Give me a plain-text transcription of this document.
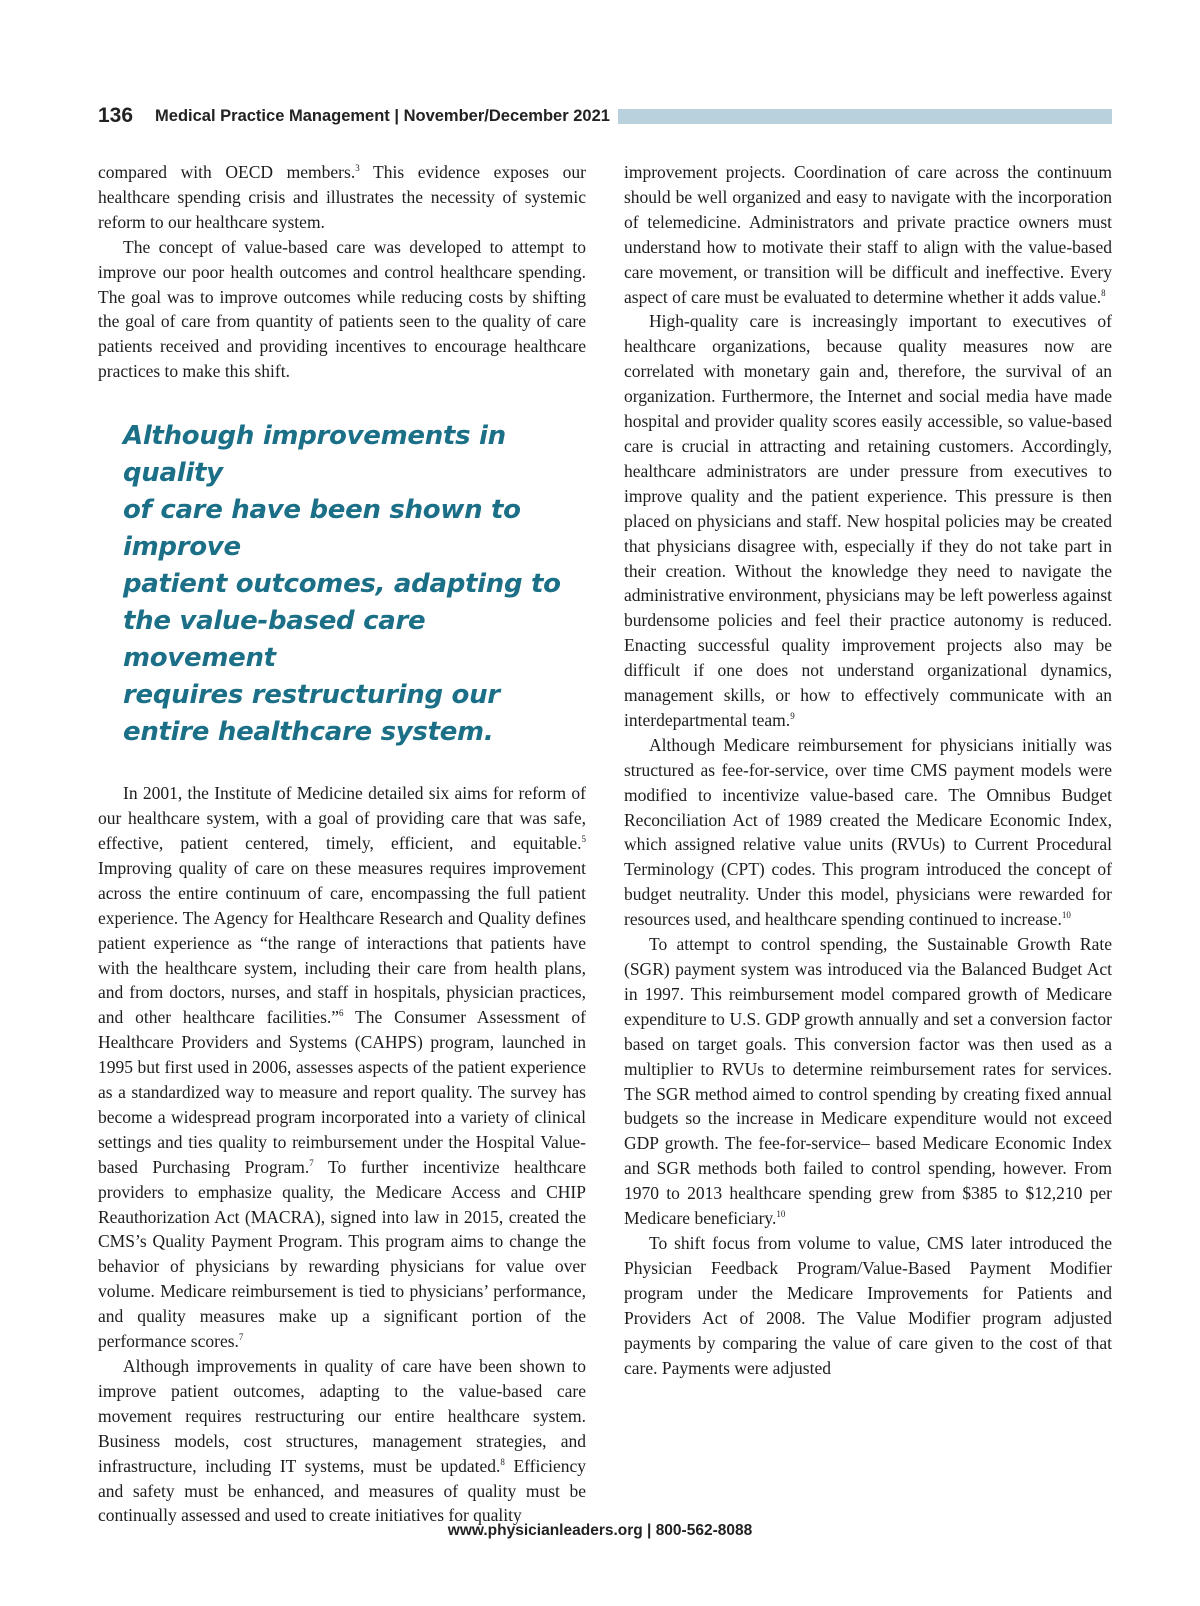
136 Medical Practice Management | November/December 2021

compared with OECD members.$^3$ This evidence exposes our healthcare spending crisis and illustrates the necessity of systemic reform to our healthcare system.

The concept of value-based care was developed to attempt to improve our poor health outcomes and control healthcare spending. The goal was to improve outcomes while reducing costs by shifting the goal of care from quantity of patients seen to the quality of care patients received and providing incentives to encourage healthcare practices to make this shift.

Although improvements in quality
of care have been shown to improve
patient outcomes, adapting to
the value-based care movement
requires restructuring our
entire healthcare system.

In 2001, the Institute of Medicine detailed six aims for reform of our healthcare system, with a goal of providing care that was safe, effective, patient centered, timely, efficient, and equitable.$^5$ Improving quality of care on these measures requires improvement across the entire continuum of care, encompassing the full patient experience. The Agency for Healthcare Research and Quality defines patient experience as “the range of interactions that patients have with the healthcare system, including their care from health plans, and from doctors, nurses, and staff in hospitals, physician practices, and other healthcare facilities.”$^6$ The Consumer Assessment of Healthcare Providers and Systems (CAHPS) program, launched in 1995 but first used in 2006, assesses aspects of the patient experience as a standardized way to measure and report quality. The survey has become a widespread program incorporated into a variety of clinical settings and ties quality to reimbursement under the Hospital Value-based Purchasing Program.$^7$ To further incentivize healthcare providers to emphasize quality, the Medicare Access and CHIP Reauthorization Act (MACRA), signed into law in 2015, created the CMS’s Quality Payment Program. This program aims to change the behavior of physicians by rewarding physicians for value over volume. Medicare reimbursement is tied to physicians’ performance, and quality measures make up a significant portion of the performance scores.$^7$

Although improvements in quality of care have been shown to improve patient outcomes, adapting to the value-based care movement requires restructuring our entire healthcare system. Business models, cost structures, management strategies, and infrastructure, including IT systems, must be updated.$^8$ Efficiency and safety must be enhanced, and measures of quality must be continually assessed and used to create initiatives for quality

improvement projects. Coordination of care across the continuum should be well organized and easy to navigate with the incorporation of telemedicine. Administrators and private practice owners must understand how to motivate their staff to align with the value-based care movement, or transition will be difficult and ineffective. Every aspect of care must be evaluated to determine whether it adds value.$^8$

High-quality care is increasingly important to executives of healthcare organizations, because quality measures now are correlated with monetary gain and, therefore, the survival of an organization. Furthermore, the Internet and social media have made hospital and provider quality scores easily accessible, so value-based care is crucial in attracting and retaining customers. Accordingly, healthcare administrators are under pressure from executives to improve quality and the patient experience. This pressure is then placed on physicians and staff. New hospital policies may be created that physicians disagree with, especially if they do not take part in their creation. Without the knowledge they need to navigate the administrative environment, physicians may be left powerless against burdensome policies and feel their practice autonomy is reduced. Enacting successful quality improvement projects also may be difficult if one does not understand organizational dynamics, management skills, or how to effectively communicate with an interdepartmental team.$^9$

Although Medicare reimbursement for physicians initially was structured as fee-for-service, over time CMS payment models were modified to incentivize value-based care. The Omnibus Budget Reconciliation Act of 1989 created the Medicare Economic Index, which assigned relative value units (RVUs) to Current Procedural Terminology (CPT) codes. This program introduced the concept of budget neutrality. Under this model, physicians were rewarded for resources used, and healthcare spending continued to increase.$^{10}$

To attempt to control spending, the Sustainable Growth Rate (SGR) payment system was introduced via the Balanced Budget Act in 1997. This reimbursement model compared growth of Medicare expenditure to U.S. GDP growth annually and set a conversion factor based on target goals. This conversion factor was then used as a multiplier to RVUs to determine reimbursement rates for services. The SGR method aimed to control spending by creating fixed annual budgets so the increase in Medicare expenditure would not exceed GDP growth. The fee-for-service– based Medicare Economic Index and SGR methods both failed to control spending, however. From 1970 to 2013 healthcare spending grew from $385 to $12,210 per Medicare beneficiary.$^{10}$

To shift focus from volume to value, CMS later introduced the Physician Feedback Program/Value-Based Payment Modifier program under the Medicare Improvements for Patients and Providers Act of 2008. The Value Modifier program adjusted payments by comparing the value of care given to the cost of that care. Payments were adjusted

www.physicianleaders.org | 800-562-8088
